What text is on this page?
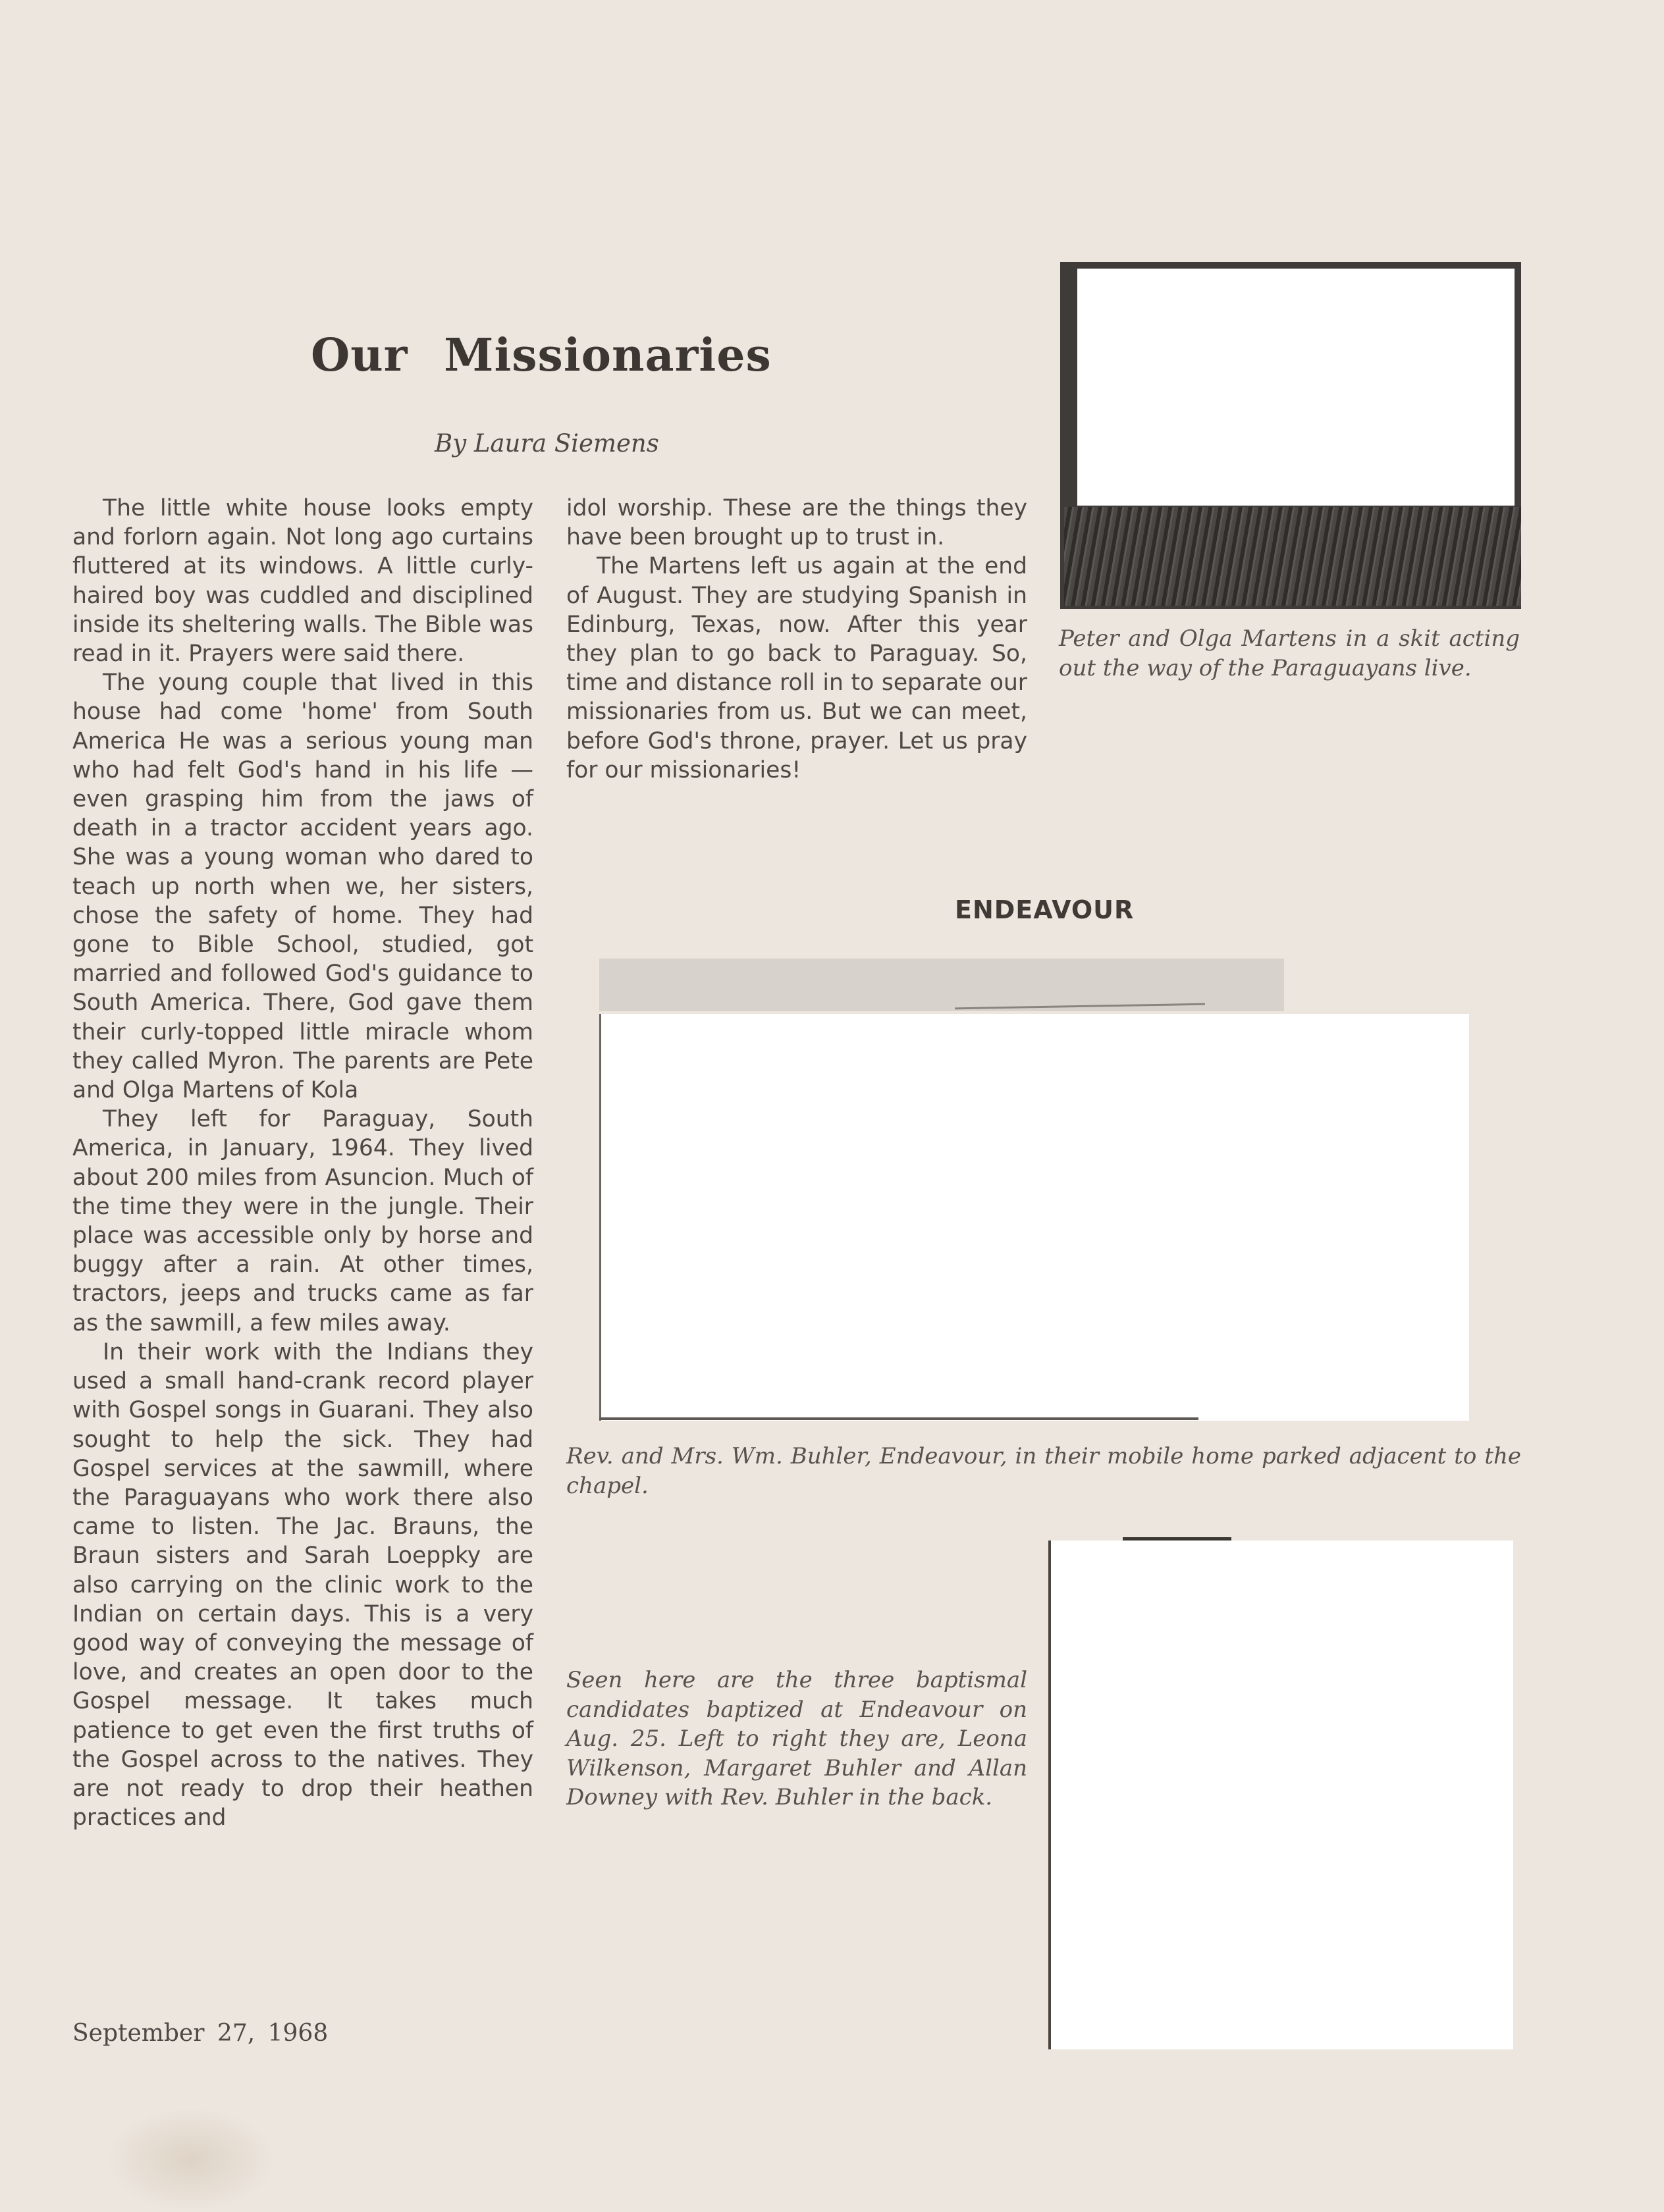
Our Missionaries
By Laura Siemens

The little white house looks empty and forlorn again. Not long ago curtains fluttered at its windows. A little curly-haired boy was cuddled and disciplined inside its sheltering walls. The Bible was read in it. Prayers were said there.

The young couple that lived in this house had come 'home' from South America He was a serious young man who had felt God's hand in his life — even grasping him from the jaws of death in a tractor accident years ago. She was a young woman who dared to teach up north when we, her sisters, chose the safety of home. They had gone to Bible School, studied, got married and followed God's guidance to South America. There, God gave them their curly-topped little miracle whom they called Myron. The parents are Pete and Olga Martens of Kola

They left for Paraguay, South America, in January, 1964. They lived about 200 miles from Asuncion. Much of the time they were in the jungle. Their place was accessible only by horse and buggy after a rain. At other times, tractors, jeeps and trucks came as far as the sawmill, a few miles away.

In their work with the Indians they used a small hand-crank record player with Gospel songs in Guarani. They also sought to help the sick. They had Gospel services at the sawmill, where the Paraguayans who work there also came to listen. The Jac. Brauns, the Braun sisters and Sarah Loeppky are also carrying on the clinic work to the Indian on certain days. This is a very good way of conveying the message of love, and creates an open door to the Gospel message. It takes much patience to get even the first truths of the Gospel across to the natives. They are not ready to drop their heathen practices and

idol worship. These are the things they have been brought up to trust in.

The Martens left us again at the end of August. They are studying Spanish in Edinburg, Texas, now. After this year they plan to go back to Paraguay. So, time and distance roll in to separate our missionaries from us. But we can meet, before God's throne, prayer. Let us pray for our missionaries!

Peter and Olga Martens in a skit acting out the way of the Paraguayans live.
ENDEAVOUR
Rev. and Mrs. Wm. Buhler, Endeavour, in their mobile home parked adjacent to the chapel.
Seen here are the three baptismal candidates baptized at Endeavour on Aug. 25. Left to right they are, Leona Wilkenson, Margaret Buhler and Allan Downey with Rev. Buhler in the back.
September 27, 1968
